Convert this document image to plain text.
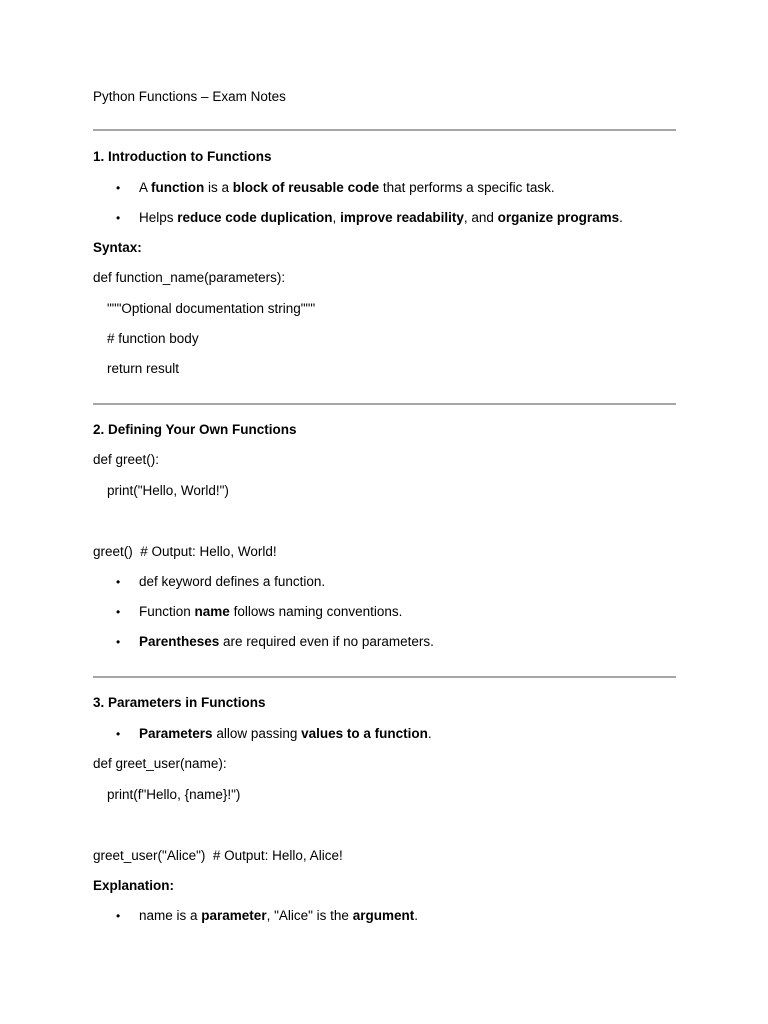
Python Functions – Exam Notes
1. Introduction to Functions
• A function is a block of reusable code that performs a specific task.
• Helps reduce code duplication, improve readability, and organize programs.
Syntax:
def function_name(parameters):
"""Optional documentation string"""
# function body
return result
2. Defining Your Own Functions
def greet():
print("Hello, World!")
greet()  # Output: Hello, World!
• def keyword defines a function.
• Function name follows naming conventions.
• Parentheses are required even if no parameters.
3. Parameters in Functions
• Parameters allow passing values to a function.
def greet_user(name):
print(f"Hello, {name}!")
greet_user("Alice")  # Output: Hello, Alice!
Explanation:
• name is a parameter, "Alice" is the argument.
